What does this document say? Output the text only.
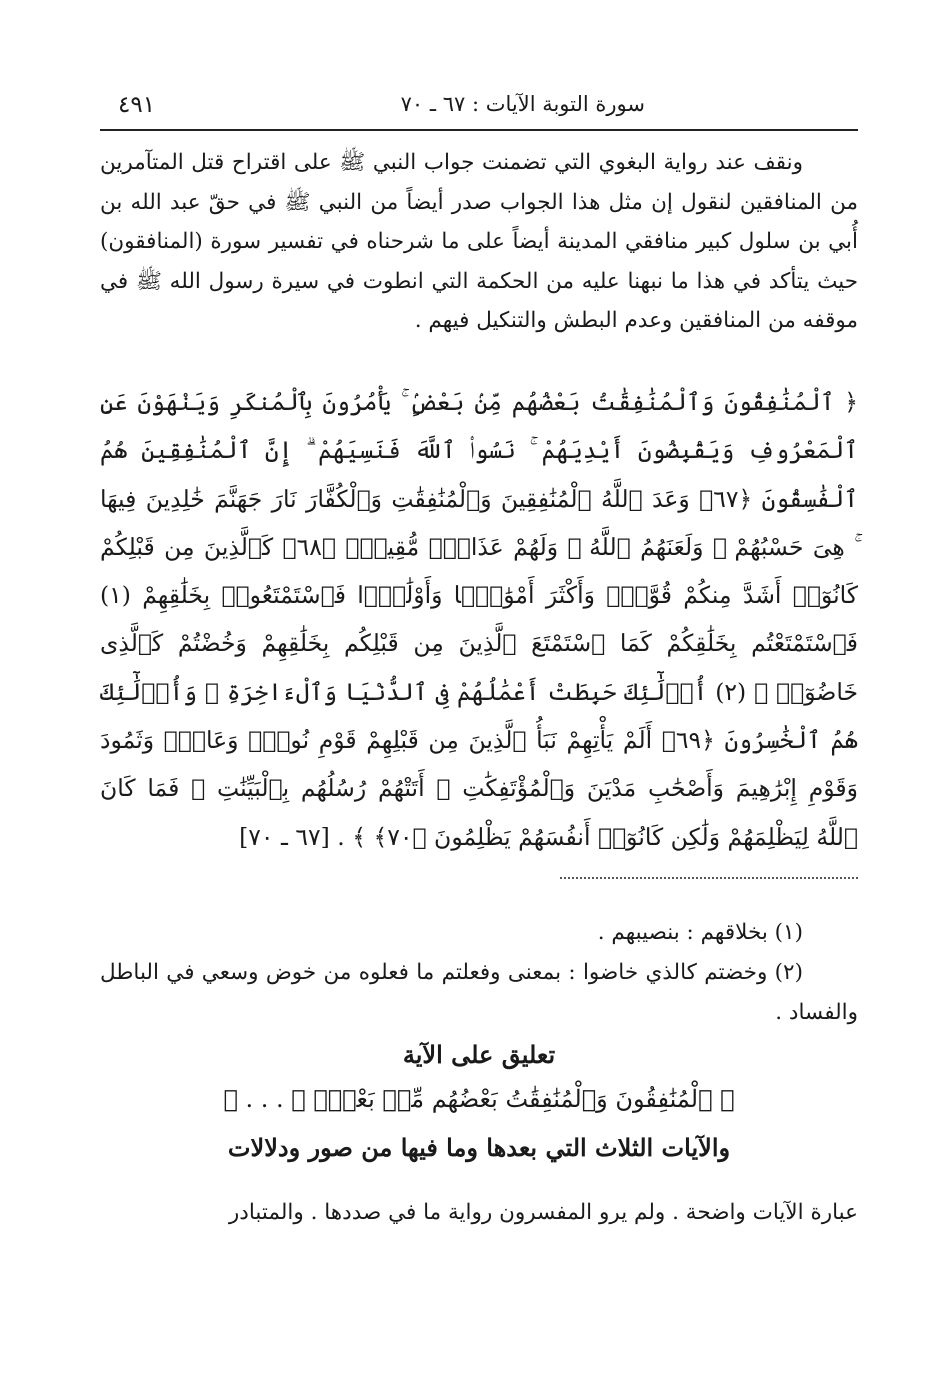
سورة التوبة الآيات : ٦٧ ـ ٧٠
٤٩١

ونقف عند رواية البغوي التي تضمنت جواب النبي ﷺ على اقتراح قتل المتآمرين من المنافقين لنقول إن مثل هذا الجواب صدر أيضاً من النبي ﷺ في حقّ عبد الله بن أُبي بن سلول كبير منافقي المدينة أيضاً على ما شرحناه في تفسير سورة (المنافقون) حيث يتأكد في هذا ما نبهنا عليه من الحكمة التي انطوت في سيرة رسول الله ﷺ في موقفه من المنافقين وعدم البطش والتنكيل فيهم .

﴿ ٱلْمُنَٰفِقُونَ وَٱلْمُنَٰفِقَٰتُ بَعْضُهُم مِّنۢ بَعْضٍۢ ۚ يَأْمُرُونَ بِٱلْمُنكَرِ وَيَنْهَوْنَ عَنِ ٱلْمَعْرُوفِ وَيَقْبِضُونَ أَيْدِيَهُمْ ۚ نَسُوا۟ ٱللَّهَ فَنَسِيَهُمْ ۗ إِنَّ ٱلْمُنَٰفِقِينَ هُمُ ٱلْفَٰسِقُونَ ﴿٦٧﴾ وَعَدَ ٱللَّهُ ٱلْمُنَٰفِقِينَ وَٱلْمُنَٰفِقَٰتِ وَٱلْكُفَّارَ نَارَ جَهَنَّمَ خَٰلِدِينَ فِيهَا ۚ هِىَ حَسْبُهُمْ ۚ وَلَعَنَهُمُ ٱللَّهُ ۖ وَلَهُمْ عَذَابٌۭ مُّقِيمٌۭ ﴿٦٨﴾ كَٱلَّذِينَ مِن قَبْلِكُمْ كَانُوٓا۟ أَشَدَّ مِنكُمْ قُوَّةًۭ وَأَكْثَرَ أَمْوَٰلًۭا وَأَوْلَٰدًۭا فَٱسْتَمْتَعُوا۟ بِخَلَٰقِهِمْ (١) فَٱسْتَمْتَعْتُم بِخَلَٰقِكُمْ كَمَا ٱسْتَمْتَعَ ٱلَّذِينَ مِن قَبْلِكُم بِخَلَٰقِهِمْ وَخُضْتُمْ كَٱلَّذِى خَاضُوٓا۟ ۚ (٢) أُو۟لَٰٓئِكَ حَبِطَتْ أَعْمَٰلُهُمْ فِى ٱلدُّنْيَا وَٱلْءَاخِرَةِ ۖ وَأُو۟لَٰٓئِكَ هُمُ ٱلْخَٰسِرُونَ ﴿٦٩﴾ أَلَمْ يَأْتِهِمْ نَبَأُ ٱلَّذِينَ مِن قَبْلِهِمْ قَوْمِ نُوحٍۢ وَعَادٍۢ وَثَمُودَ وَقَوْمِ إِبْرَٰهِيمَ وَأَصْحَٰبِ مَدْيَنَ وَٱلْمُؤْتَفِكَٰتِ ۚ أَتَتْهُمْ رُسُلُهُم بِٱلْبَيِّنَٰتِ ۖ فَمَا كَانَ ٱللَّهُ لِيَظْلِمَهُمْ وَلَٰكِن كَانُوٓا۟ أَنفُسَهُمْ يَظْلِمُونَ ﴿٧٠﴾ ﴾ . [٦٧ ـ ٧٠]

(١) بخلاقهم : بنصيبهم .

(٢) وخضتم كالذي خاضوا : بمعنى وفعلتم ما فعلوه من خوض وسعي في الباطل والفساد .

تعليق على الآية
﴿ ٱلْمُنَٰفِقُونَ وَٱلْمُنَٰفِقَٰتُ بَعْضُهُم مِّنۢ بَعْضٍۢ ۚ . . . ﴾
والآيات الثلاث التي بعدها وما فيها من صور ودلالات

عبارة الآيات واضحة . ولم يرو المفسرون رواية ما في صددها . والمتبادر
